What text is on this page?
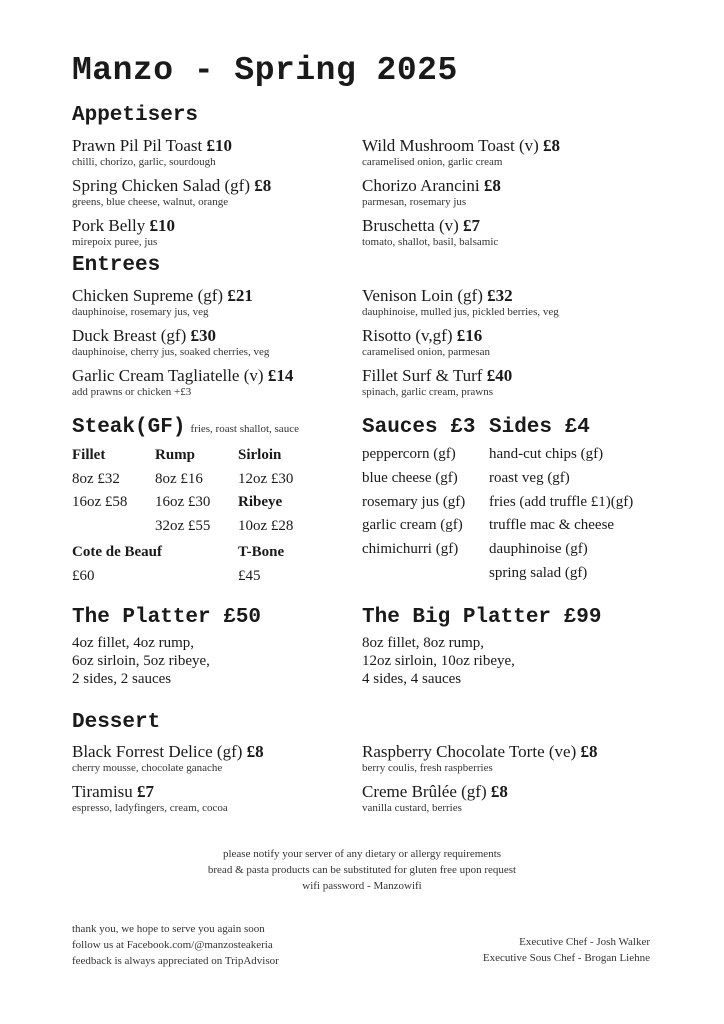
Manzo - Spring 2025
Appetisers
Prawn Pil Pil Toast £10
chilli, chorizo, garlic, sourdough
Spring Chicken Salad (gf) £8
greens, blue cheese, walnut, orange
Pork Belly £10
mirepoix puree, jus
Wild Mushroom Toast (v) £8
caramelised onion, garlic cream
Chorizo Arancini £8
parmesan, rosemary jus
Bruschetta (v) £7
tomato, shallot, basil, balsamic
Entrees
Chicken Supreme (gf) £21
dauphinoise, rosemary jus, veg
Duck Breast (gf) £30
dauphinoise, cherry jus, soaked cherries, veg
Garlic Cream Tagliatelle (v) £14
add prawns or chicken +£3
Venison Loin (gf) £32
dauphinoise, mulled jus, pickled berries, veg
Risotto (v,gf) £16
caramelised onion, parmesan
Fillet Surf & Turf £40
spinach, garlic cream, prawns
Steak(GF) fries, roast shallot, sauce
Fillet
8oz £32
16oz £58
Rump
8oz £16
16oz £30
32oz £55
Sirloin
12oz £30
Ribeye
10oz £28
Cote de Beauf
£60
T-Bone
£45
Sauces £3
peppercorn (gf)
blue cheese (gf)
rosemary jus (gf)
garlic cream (gf)
chimichurri (gf)
Sides £4
hand-cut chips (gf)
roast veg (gf)
fries (add truffle £1)(gf)
truffle mac & cheese
dauphinoise (gf)
spring salad (gf)
The Platter £50
4oz fillet, 4oz rump,
6oz sirloin, 5oz ribeye,
2 sides, 2 sauces
The Big Platter £99
8oz fillet, 8oz rump,
12oz sirloin, 10oz ribeye,
4 sides, 4 sauces
Dessert
Black Forrest Delice (gf) £8
cherry mousse, chocolate ganache
Tiramisu £7
espresso, ladyfingers, cream, cocoa
Raspberry Chocolate Torte (ve) £8
berry coulis, fresh raspberries
Creme Brûlée (gf) £8
vanilla custard, berries
please notify your server of any dietary or allergy requirements
bread & pasta products can be substituted for gluten free upon request
wifi password - Manzowifi
thank you, we hope to serve you again soon
follow us at Facebook.com/@manzosteakeria
feedback is always appreciated on TripAdvisor
Executive Chef - Josh Walker
Executive Sous Chef - Brogan Liehne
